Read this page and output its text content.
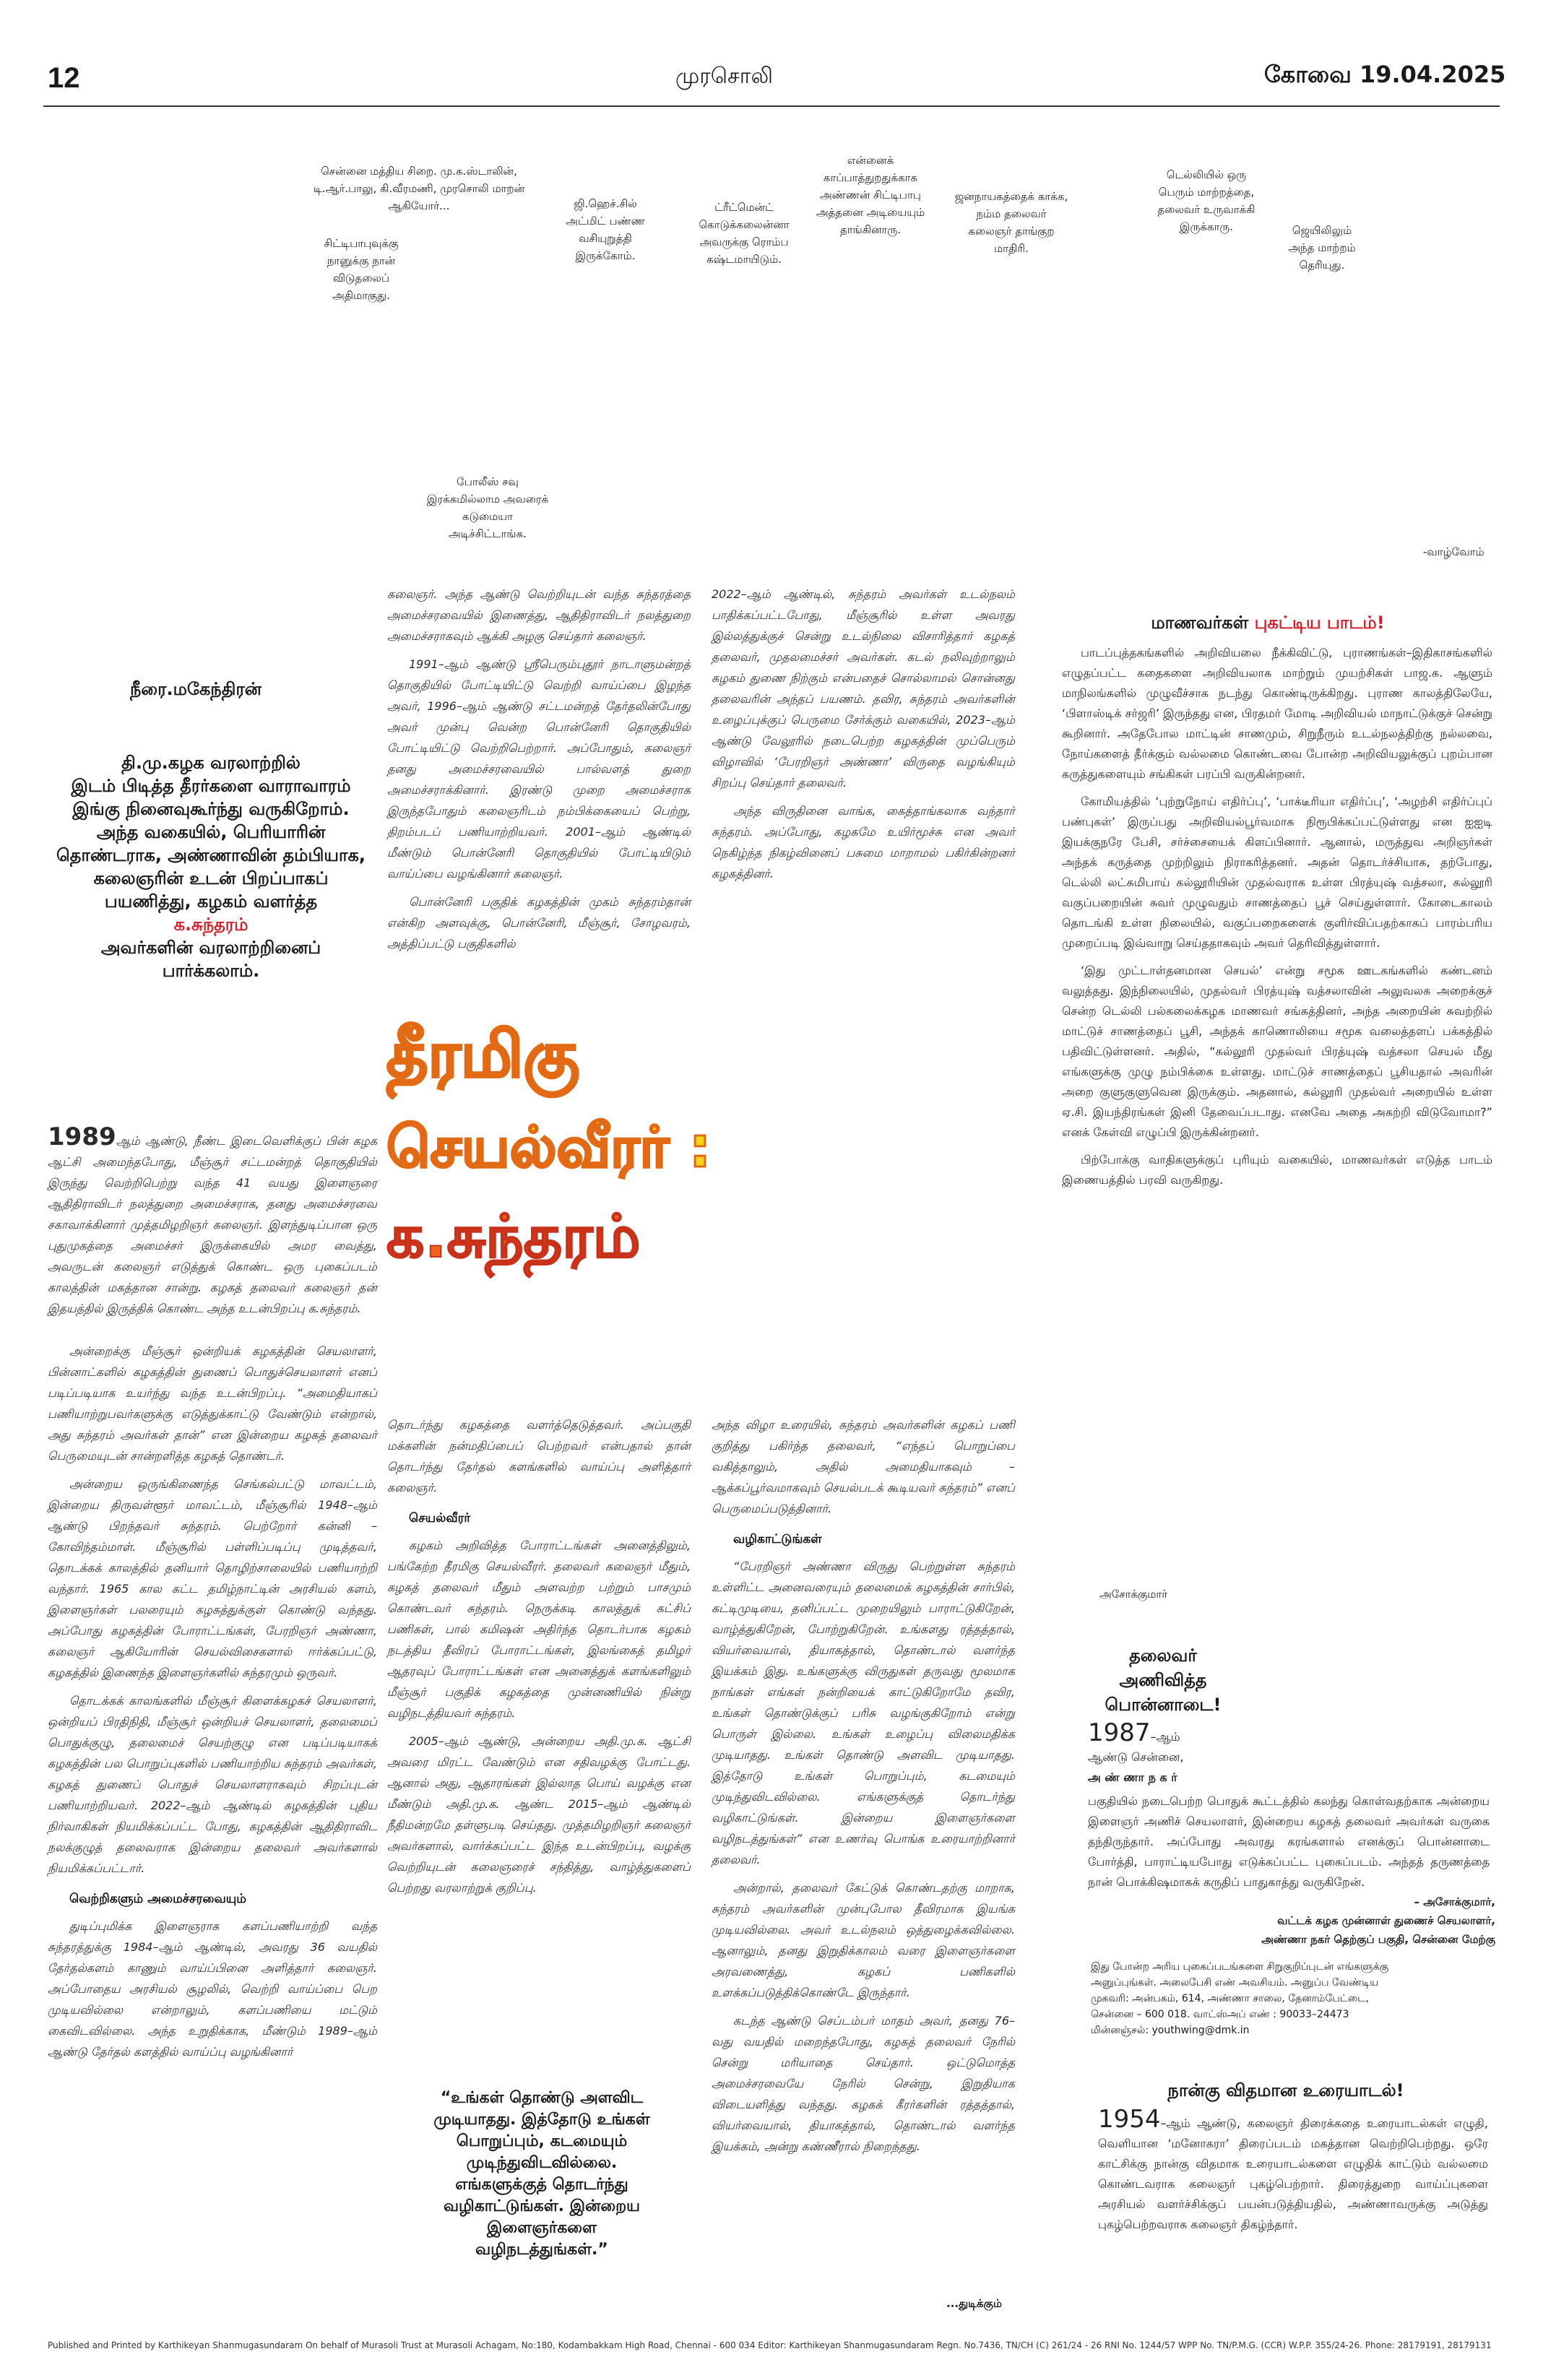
12	முரசொலி	கோவை 19.04.2025
சென்னை மத்திய சிறை. மு.க.ஸ்டாலின், டி.ஆர்.பாலு, கி.வீரமணி, முரசொலி மாறன் ஆகியோர்...
சிட்டிபாபுவுக்கு நானுக்கு நான் விடுதலைப் அதிமாகுது.
ஜி.ஹெச்.சில் அட்மிட் பண்ண வசியுறுத்தி இருக்கோம்.
ட்ரீட்மென்ட் கொடுக்கலைன்னா அவருக்கு ரொம்ப கஷ்டமாயிடும்.
என்னைக் காப்பாத்துறதுக்காக அண்ணன் சிட்டிபாபு அத்தனை அடியையும் தாங்கினாரு.
ஜனநாயகத்தைக் காக்க, நம்ம தலைவர் கலைஞர் தாங்குற மாதிரி.
டெல்லியில் ஒரு பெரும் மாற்றத்தை, தலைவர் உருவாக்கி இருக்காரு.	ஜெயிலிலும் அந்த மாற்றம் தெரியுது.
போலீஸ் சவு இரக்கமில்லாம அவரைக் கடுமையா அடிச்சிட்டாங்க.
-வாழ்வோம்
நீரை.மகேந்திரன்
தி.மு.கழக வரலாற்றில்
இடம் பிடித்த தீரர்களை வாராவாரம்
இங்கு நினைவுகூர்ந்து வருகிறோம்.
அந்த வகையில், பெரியாரின்
தொண்டராக, அண்ணாவின் தம்பியாக,
கலைஞரின் உடன் பிறப்பாகப்
பயணித்து, கழகம் வளர்த்த
க.சுந்தரம்
அவர்களின் வரலாற்றினைப்
பார்க்கலாம்.
தீரமிகு
செயல்வீரர் :
க.சுந்தரம்

1989ஆம் ஆண்டு, நீண்ட இடைவெளிக்குப் பின் கழக ஆட்சி அமைந்தபோது, மீஞ்சூர் சட்டமன்றத் தொகுதியில் இருந்து வெற்றிபெற்று வந்த 41 வயது இளைஞரை ஆதிதிராவிடர் நலத்துறை அமைச்சராக, தனது அமைச்சரவை சகாவாக்கினார் முத்தமிழறிஞர் கலைஞர். இளந்துடிப்பான ஒரு புதுமுகத்தை அமைச்சர் இருக்கையில் அமர வைத்து, அவருடன் கலைஞர் எடுத்துக் கொண்ட ஒரு புகைப்படம் காலத்தின் மகத்தான சான்று. கழகத் தலைவர் கலைஞர் தன் இதயத்தில் இருத்திக் கொண்ட அந்த உடன்பிறப்பு க.சுந்தரம்.

அன்றைக்கு மீஞ்சூர் ஒன்றியக் கழகத்தின் செயலாளர், பின்னாட்களில் கழகத்தின் துணைப் பொதுச்செயலாளர் எனப் படிப்படியாக உயர்ந்து வந்த உடன்பிறப்பு. “அமைதியாகப் பணியாற்றுபவர்களுக்கு எடுத்துக்காட்டு வேண்டும் என்றால், அது சுந்தரம் அவர்கள் தான்” என இன்றைய கழகத் தலைவர் பெருமையுடன் சான்றளித்த கழகத் தொண்டர்.

அன்றைய ஒருங்கிணைந்த செங்கல்பட்டு மாவட்டம், இன்றைய திருவள்ளூர் மாவட்டம், மீஞ்சூரில் 1948–ஆம் ஆண்டு பிறந்தவர் சுந்தரம். பெற்றோர் கன்னி – கோவிந்தம்மாள். மீஞ்சூரில் பள்ளிப்படிப்பு முடித்தவர், தொடக்கக் காலத்தில் தனியார் தொழிற்சாலையில் பணியாற்றி வந்தார். 1965 கால கட்ட தமிழ்நாட்டின் அரசியல் களம், இளைஞர்கள் பலரையும் கழகத்துக்குள் கொண்டு வந்தது. அப்போது கழகத்தின் போராட்டங்கள், பேரறிஞர் அண்ணா, கலைஞர் ஆகியோரின் செயல்விசைகளால் ஈர்க்கப்பட்டு, கழகத்தில் இணைந்த இளைஞர்களில் சுந்தரமும் ஒருவர்.

தொடக்கக் காலங்களில் மீஞ்சூர் கிளைக்கழகச் செயலாளர், ஒன்றியப் பிரதிநிதி, மீஞ்சூர் ஒன்றியச் செயலாளர், தலைமைப் பொதுக்குழு, தலைமைச் செயற்குழு என படிப்படியாகக் கழகத்தின் பல பொறுப்புகளில் பணியாற்றிய சுந்தரம் அவர்கள், கழகத் துணைப் பொதுச் செயலாளராகவும் சிறப்புடன் பணியாற்றியவர். 2022–ஆம் ஆண்டில் கழகத்தின் புதிய நிர்வாகிகள் நியமிக்கப்பட்ட போது, கழகத்தின் ஆதிதிராவிட நலக்குழுத் தலைவராக இன்றைய தலைவர் அவர்களால் நியமிக்கப்பட்டார்.

வெற்றிகளும் அமைச்சரவையும்

துடிப்புமிக்க இளைஞராக களப்பணியாற்றி வந்த சுந்தரத்துக்கு 1984–ஆம் ஆண்டில், அவரது 36 வயதில் தேர்தல்களம் காணும் வாய்ப்பினை அளித்தார் கலைஞர். அப்போதைய அரசியல் சூழலில், வெற்றி வாய்ப்பை பெற முடியவில்லை என்றாலும், களப்பணியை மட்டும் கைவிடவில்லை. அந்த உறுதிக்காக, மீண்டும் 1989–ஆம் ஆண்டு தேர்தல் களத்தில் வாய்ப்பு வழங்கினார்

கலைஞர். அந்த ஆண்டு வெற்றியுடன் வந்த சுந்தரத்தை அமைச்சரவையில் இணைத்து, ஆதிதிராவிடர் நலத்துறை அமைச்சராகவும் ஆக்கி அழகு செய்தார் கலைஞர்.

1991–ஆம் ஆண்டு ஸ்ரீபெரும்புதூர் நாடாளுமன்றத் தொகுதியில் போட்டியிட்டு வெற்றி வாய்ப்பை இழந்த அவர், 1996–ஆம் ஆண்டு சட்டமன்றத் தேர்தலின்போது அவர் முன்பு வென்ற பொன்னேரி தொகுதியில் போட்டியிட்டு வெற்றிபெற்றார். அப்போதும், கலைஞர் தனது அமைச்சரவையில் பால்வளத் துறை அமைச்சராக்கினார். இரண்டு முறை அமைச்சராக இருந்தபோதும் கலைஞரிடம் நம்பிக்கையைப் பெற்று, திறம்படப் பணியாற்றியவர். 2001–ஆம் ஆண்டில் மீண்டும் பொன்னேரி தொகுதியில் போட்டியிடும் வாய்ப்பை வழங்கினார் கலைஞர்.

பொன்னேரி பகுதிக் கழகத்தின் முகம் சுந்தரம்தான் என்கிற அளவுக்கு, பொன்னேரி, மீஞ்சூர், சோழவரம், அத்திப்பட்டு பகுதிகளில்

2022–ஆம் ஆண்டில், சுந்தரம் அவர்கள் உடல்நலம் பாதிக்கப்பட்டபோது, மீஞ்சூரில் உள்ள அவரது இல்லத்துக்குச் சென்று உடல்நிலை விசாரித்தார் கழகத் தலைவர், முதலமைச்சர் அவர்கள். கடல் நலிவுற்றாலும் கழகம் துணை நிற்கும் என்பதைச் சொல்லாமல் சொன்னது தலைவரின் அந்தப் பயணம். தவிர, சுந்தரம் அவர்களின் உழைப்புக்குப் பெருமை சேர்க்கும் வகையில், 2023–ஆம் ஆண்டு வேலூரில் நடைபெற்ற கழகத்தின் முப்பெரும் விழாவில் ‘பேரறிஞர் அண்ணா’ விருதை வழங்கியும் சிறப்பு செய்தார் தலைவர்.

அந்த விருதினை வாங்க, கைத்தாங்கலாக வந்தார் சுந்தரம். அப்போது, கழகமே உயிர்மூச்சு என அவர் நெகிழ்ந்த நிகழ்வினைப் பசுமை மாறாமல் பகிர்கின்றனர் கழகத்தினர்.

தொடர்ந்து கழகத்தை வளர்த்தெடுத்தவர். அப்பகுதி மக்களின் நன்மதிப்பைப் பெற்றவர் என்பதால் தான் தொடர்ந்து தேர்தல் களங்களில் வாய்ப்பு அளித்தார் கலைஞர்.

செயல்வீரர்

கழகம் அறிவித்த போராட்டங்கள் அனைத்திலும், பங்கேற்ற தீரமிகு செயல்வீரர். தலைவர் கலைஞர் மீதும், கழகத் தலைவர் மீதும் அளவற்ற பற்றும் பாசமும் கொண்டவர் சுந்தரம். நெருக்கடி காலத்துக் கட்சிப் பணிகள், பால் கமிஷன் அதிர்ந்த தொடர்பாக கழகம் நடத்திய தீவிரப் போராட்டங்கள், இலங்கைத் தமிழர் ஆதரவுப் போராட்டங்கள் என அனைத்துக் களங்களிலும் மீஞ்சூர் பகுதிக் கழகத்தை முன்னணியில் நின்று வழிநடத்தியவர் சுந்தரம்.

2005–ஆம் ஆண்டு, அன்றைய அதி.மு.க. ஆட்சி அவரை மிரட்ட வேண்டும் என சதிவழக்கு போட்டது. ஆனால் அது, ஆதாரங்கள் இல்லாத பொய் வழக்கு என மீண்டும் அதி.மு.க. ஆண்ட 2015–ஆம் ஆண்டில் நீதிமன்றமே தள்ளுபடி செய்தது. முத்தமிழறிஞர் கலைஞர் அவர்களால், வார்க்கப்பட்ட இந்த உடன்பிறப்பு, வழக்கு வெற்றியுடன் கலைஞரைச் சந்தித்து, வாழ்த்துகளைப் பெற்றது வரலாற்றுக் குறிப்பு.

“உங்கள் தொண்டு அளவிட முடியாதது. இத்தோடு உங்கள் பொறுப்பும், கடமையும் முடிந்துவிடவில்லை. எங்களுக்குத் தொடர்ந்து வழிகாட்டுங்கள். இன்றைய இளைஞர்களை வழிநடத்துங்கள்.”

அந்த விழா உரையில், சுந்தரம் அவர்களின் கழகப் பணி குறித்து பகிர்ந்த தலைவர், “எந்தப் பொறுப்பை வகித்தாலும், அதில் அமைதியாகவும் – ஆக்கப்பூர்வமாகவும் செயல்படக் கூடியவர் சுந்தரம்” எனப் பெருமைப்படுத்தினார்.

வழிகாட்டுங்கள்

“பேரறிஞர் அண்ணா விருது பெற்றுள்ள சுந்தரம் உள்ளிட்ட அனைவரையும் தலைமைக் கழகத்தின் சார்பில், கட்டிமுடியை, தனிப்பட்ட முறையிலும் பாராட்டுகிறேன், வாழ்த்துகிறேன், போற்றுகிறேன். உங்களது ரத்தத்தால், வியர்வையால், தியாகத்தால், தொண்டால் வளர்ந்த இயக்கம் இது. உங்களுக்கு விருதுகள் தருவது மூலமாக நாங்கள் எங்கள் நன்றியைக் காட்டுகிறோமே தவிர, உங்கள் தொண்டுக்குப் பரிசு வழங்குகிறோம் என்று பொருள் இல்லை. உங்கள் உழைப்பு விலைமதிக்க முடியாதது. உங்கள் தொண்டு அளவிட முடியாதது. இத்தோடு உங்கள் பொறுப்பும், கடமையும் முடிந்துவிடவில்லை. எங்களுக்குத் தொடர்ந்து வழிகாட்டுங்கள். இன்றைய இளைஞர்களை வழிநடத்துங்கள்” என உணர்வு பொங்க உரையாற்றினார் தலைவர்.

அன்றால், தலைவர் கேட்டுக் கொண்டதற்கு மாறாக, சுந்தரம் அவர்களின் முன்புபோல தீவிரமாக இயங்க முடியவில்லை. அவர் உடல்நலம் ஒத்துழைக்கவில்லை. ஆனாலும், தனது இறுதிக்காலம் வரை இளைஞர்களை அரவணைத்து, கழகப் பணிகளில் உளக்கப்படுத்திக்கொண்டே இருந்தார்.

கடந்த ஆண்டு செப்டம்பர் மாதம் அவர், தனது 76–வது வயதில் மறைந்தபோது, கழகத் தலைவர் நேரில் சென்று மரியாதை செய்தார். ஒட்டுமொத்த அமைச்சரவையே நேரில் சென்று, இறுதியாக விடையளித்து வந்தது. கழகக் கீரர்களின் ரத்தத்தால், வியர்வையால், தியாகத்தால், தொண்டால் வளர்ந்த இயக்கம், அன்று கண்ணீரால் நிறைந்தது.

...துடிக்கும்
மாணவர்கள் புகட்டிய பாடம்!

பாடப்புத்தகங்களில் அறிவியலை நீக்கிவிட்டு, புராணங்கள்–இதிகாசங்களில் எழுதப்பட்ட கதைகளை அறிவியலாக மாற்றும் முயற்சிகள் பாஜ.க. ஆளும் மாநிலங்களில் முழுவீச்சாக நடந்து கொண்டிருக்கிறது. புராண காலத்திலேயே, ‘பிளாஸ்டிக் சர்ஜரி’ இருந்தது என, பிரதமர் மோடி அறிவியல் மாநாட்டுக்குச் சென்று கூறினார். அதேபோல மாட்டின் சாணமும், சிறுநீரும் உடல்நலத்திற்கு நல்லவை, நோய்களைத் தீர்க்கும் வல்லமை கொண்டவை போன்ற அறிவியலுக்குப் புறம்பான கருத்துகளையும் சங்கிகள் பரப்பி வருகின்றனர்.

கோமியத்தில் ‘புற்றுநோய் எதிர்ப்பு’, ‘பாக்டீரியா எதிர்ப்பு’, ‘அழற்சி எதிர்ப்புப் பண்புகள்’ இருப்பது அறிவியல்பூர்வமாக நிரூபிக்கப்பட்டுள்ளது என ஐஐடி இயக்குநரே பேசி, சர்ச்சையைக் கிளப்பினார். ஆனால், மருத்துவ அறிஞர்கள் அந்தக் கருத்தை முற்றிலும் நிராகரித்தனர். அதன் தொடர்ச்சியாக, தற்போது, டெல்லி லட்சுமிபாய் கல்லூரியின் முதல்வராக உள்ள பிரத்யுஷ் வத்சலா, கல்லூரி வகுப்பறையின் சுவர் முழுவதும் சாணத்தைப் பூச் செய்துள்ளார். கோடைகாலம் தொடங்கி உள்ள நிலையில், வகுப்பறைகளைக் குளிர்விப்பதற்காகப் பாரம்பரிய முறைப்படி இவ்வாறு செய்ததாகவும் அவர் தெரிவித்துள்ளார்.

‘இது முட்டாள்தனமான செயல்’ என்று சமூக ஊடகங்களில் கண்டனம் வலுத்தது. இந்நிலையில், முதல்வர் பிரத்யுஷ் வத்சலாவின் அலுவலக அறைக்குச் சென்ற டெல்லி பல்கலைக்கழக மாணவர் சங்கத்தினர், அந்த அறையின் சுவற்றில் மாட்டுச் சாணத்தைப் பூசி, அந்தக் காணொலியை சமூக வலைத்தளப் பக்கத்தில் பதிவிட்டுள்ளனர். அதில், “கல்லூரி முதல்வர் பிரத்யுஷ் வத்சலா செயல் மீது எங்களுக்கு முழு நம்பிக்கை உள்ளது. மாட்டுச் சாணத்தைப் பூசியதால் அவரின் அறை குளுகுளுவென இருக்கும். அதனால், கல்லூரி முதல்வர் அறையில் உள்ள ஏ.சி. இயந்திரங்கள் இனி தேவைப்படாது. எனவே அதை அகற்றி விடுவோமா?” எனக் கேள்வி எழுப்பி இருக்கின்றனர்.

பிற்போக்கு வாதிகளுக்குப் புரியும் வகையில், மாணவர்கள் எடுத்த பாடம் இணையத்தில் பரவி வருகிறது.

அசோக்குமார்
தலைவர்
அணிவித்த
பொன்னாடை!
1987–ஆம்
ஆண்டு சென்னை,
அ ண் ணா ந க ர்
பகுதியில் நடைபெற்ற பொதுக் கூட்டத்தில் கலந்து கொள்வதற்காக அன்றைய இளைஞர் அணிச் செயலாளர், இன்றைய கழகத் தலைவர் அவர்கள் வருகை தந்திருந்தார். அப்போது அவரது கரங்களால் எனக்குப் பொன்னாடை போர்த்தி, பாராட்டியபோது எடுக்கப்பட்ட புகைப்படம். அந்தத் தருணத்தை நான் பொக்கிஷமாகக் கருதிப் பாதுகாத்து வருகிறேன்.
– அசோக்குமார்,
வட்டக் கழக முன்னாள் துணைச் செயலாளர்,
அண்ணா நகர் தெற்குப் பகுதி, சென்னை மேற்கு
இது போன்ற அரிய புகைப்படங்களை சிறுகுறிப்புடன் எங்களுக்கு அனுப்புங்கள். அலைபேசி எண் அவசியம். அனுப்ப வேண்டிய முகவரி: அன்பகம், 614, அண்ணா சாலை, தேனாம்பேட்டை, சென்னை – 600 018. வாட்ஸ்அப் எண் : 90033–24473 மின்னஞ்சல்: youthwing@dmk.in
நான்கு விதமான உரையாடல்!
1954–ஆம் ஆண்டு, கலைஞர் திரைக்கதை உரையாடல்கள் எழுதி, வெளியான ‘மனோகரா’ திரைப்படம் மகத்தான வெற்றிபெற்றது. ஒரே காட்சிக்கு நான்கு விதமாக உரையாடல்களை எழுதிக் காட்டும் வல்லமை கொண்டவராக கலைஞர் புகழ்பெற்றார். திரைத்துறை வாய்ப்புகளை அரசியல் வளர்ச்சிக்குப் பயன்படுத்தியதில், அண்ணாவருக்கு அடுத்து புகழ்பெற்றவராக கலைஞர் திகழ்ந்தார்.
Published and Printed by Karthikeyan Shanmugasundaram On behalf of Murasoli Trust at Murasoli Achagam, No:180, Kodambakkam High Road, Chennai - 600 034 Editor: Karthikeyan Shanmugasundaram Regn. No.7436, TN/CH (C) 261/24 - 26 RNI No. 1244/57 WPP No. TN/P.M.G. (CCR) W.P.P. 355/24-26. Phone: 28179191, 28179131
